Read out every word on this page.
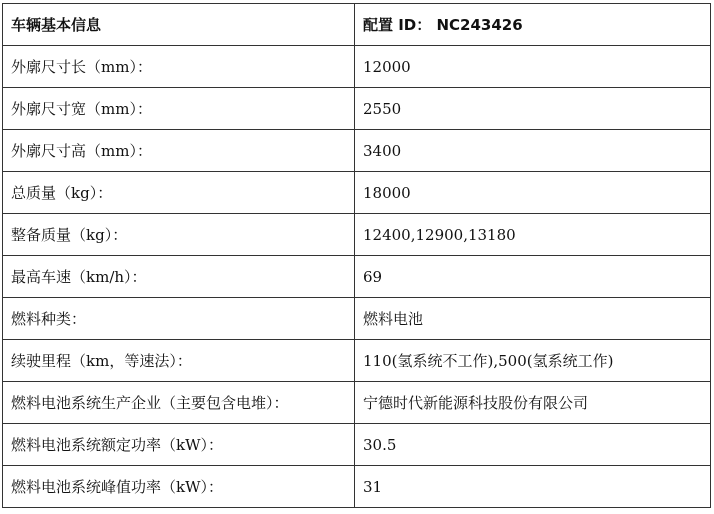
车辆基本信息	配置 ID： NC243426
外廓尺寸长（mm）：	12000
外廓尺寸宽（mm）：	2550
外廓尺寸高（mm）：	3400
总质量（kg）：	18000
整备质量（kg）：	12400,12900,13180
最高车速（km/h）：	69
燃料种类：	燃料电池
续驶里程（km，等速法）：	110(氢系统不工作),500(氢系统工作)
燃料电池系统生产企业（主要包含电堆）：	宁德时代新能源科技股份有限公司
燃料电池系统额定功率（kW）：	30.5
燃料电池系统峰值功率（kW）：	31
